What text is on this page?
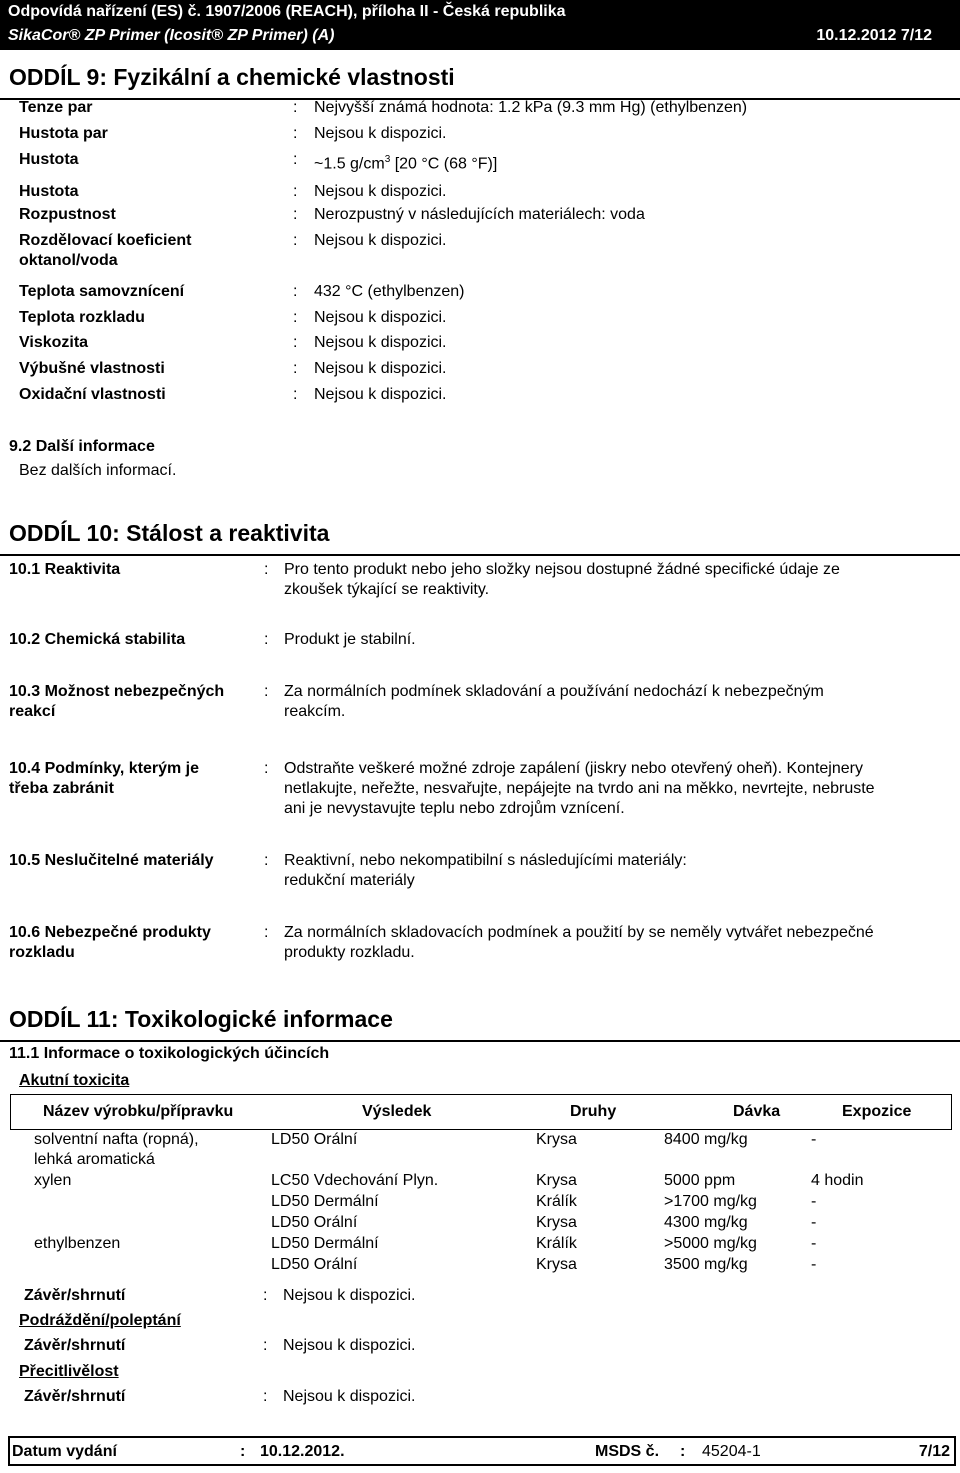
Odpovídá nařízení (ES) č. 1907/2006 (REACH), příloha II - Česká republika
SikaCor® ZP Primer (Icosit® ZP Primer) (A)	10.12.2012 7/12
ODDÍL 9: Fyzikální a chemické vlastnosti
Tenze par	: Nejvyšší známá hodnota: 1.2 kPa (9.3 mm Hg) (ethylbenzen)
Hustota par	: Nejsou k dispozici.
Hustota	: ~1.5 $g/cm^3$ [20 °C (68 °F)]
Hustota	: Nejsou k dispozici.
Rozpustnost	: Nerozpustný v následujících materiálech: voda
Rozdělovací koeficient
oktanol/voda
: Nejsou k dispozici.
Teplota samovznícení	: 432 °C (ethylbenzen)
Teplota rozkladu	: Nejsou k dispozici.
Viskozita	: Nejsou k dispozici.
Výbušné vlastnosti	: Nejsou k dispozici.
Oxidační vlastnosti	: Nejsou k dispozici.
9.2 Další informace
Bez dalších informací.
ODDÍL 10: Stálost a reaktivita
10.1 Reaktivita	: Pro tento produkt nebo jeho složky nejsou dostupné žádné specifické údaje ze
zkoušek týkající se reaktivity.
10.2 Chemická stabilita	: Produkt je stabilní.
10.3 Možnost nebezpečných
reakcí
: Za normálních podmínek skladování a používání nedochází k nebezpečným
reakcím.
10.4 Podmínky, kterým je
třeba zabránit
: Odstraňte veškeré možné zdroje zapálení (jiskry nebo otevřený oheň). Kontejnery
netlakujte, neřežte, nesvařujte, nepájejte na tvrdo ani na měkko, nevrtejte, nebruste
ani je nevystavujte teplu nebo zdrojům vznícení.
10.5 Neslučitelné materiály	: Reaktivní, nebo nekompatibilní s následujícími materiály:
redukční materiály
10.6 Nebezpečné produkty
rozkladu
: Za normálních skladovacích podmínek a použití by se neměly vytvářet nebezpečné
produkty rozkladu.
ODDÍL 11: Toxikologické informace
11.1 Informace o toxikologických účincích
Akutní toxicita
Název výrobku/přípravku	Výsledek	Druhy	Dávka	Expozice
solventní nafta (ropná),	LD50 Orální	Krysa	8400 mg/kg	-
lehká aromatická
xylen	LC50 Vdechování Plyn.	Krysa	5000 ppm	4 hodin
LD50 Dermální	Králík	>1700 mg/kg	-
LD50 Orální	Krysa	4300 mg/kg	-
ethylbenzen	LD50 Dermální	Králík	>5000 mg/kg	-
LD50 Orální	Krysa	3500 mg/kg	-
Závěr/shrnutí	: Nejsou k dispozici.
Podráždění/poleptání
Závěr/shrnutí	: Nejsou k dispozici.
Přecitlivělost
Závěr/shrnutí	: Nejsou k dispozici.
Datum vydání	: 10.12.2012.	MSDS č. : 45204-1	7/12
